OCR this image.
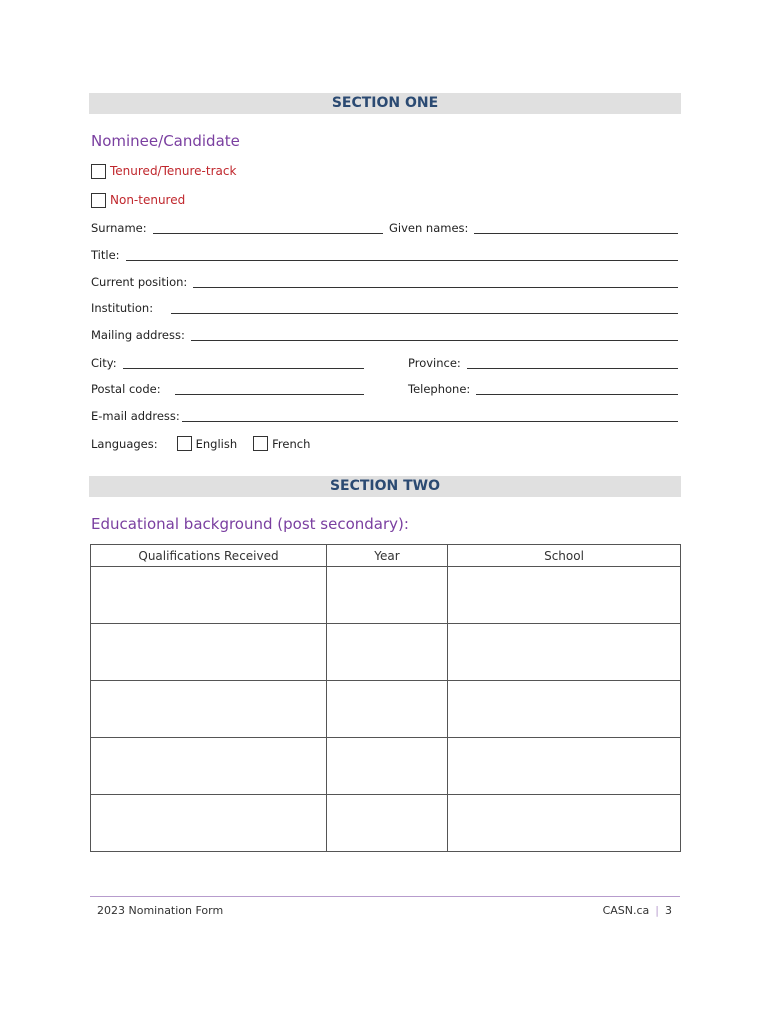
SECTION ONE
Nominee/Candidate
Tenured/Tenure-track
Non-tenured
Surname:	Given names:
Title:
Current position:
Institution:
Mailing address:
City:	Province:
Postal code:	Telephone:
E-mail address:
Languages:	English	French
SECTION TWO
Educational background (post secondary):
Qualifications Received	Year	School

2023 Nomination Form	CASN.ca | 3
